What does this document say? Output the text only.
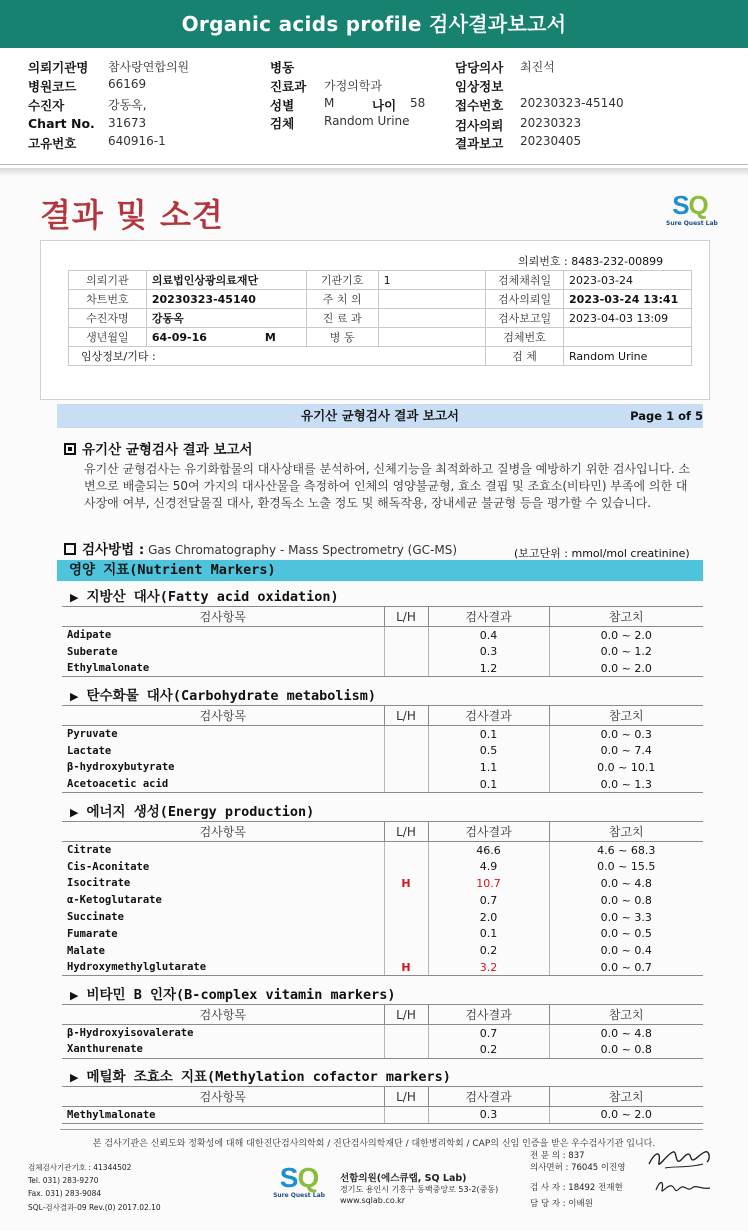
Organic acids profile 검사결과보고서
의뢰기관명 참사랑연합의원
병원코드	66169
수진자	강동옥,
Chart No. 31673
고유번호	640916-1
병동
진료과 가정의학과
성별 M	나이 58
검체 Random Urine
담당의사 최진석
임상정보
접수번호 20230323-45140
검사의뢰 20230323
결과보고 20230405
결과 및 소견	SQ
Sure Quest Lab
의뢰번호 : 8483-232-00899
의뢰기관	의료법인상광의료재단	기관기호	1	검체채취일	2023-03-24
차트번호	20230323-45140	주 치 의		검사의뢰일	2023-03-24 13:41
수진자명	강동옥	진 료 과		검사보고일	2023-04-03 13:09
생년월일	64-09-16 M	병 동		검체번호	
임상정보/기타 :				검 체	Random Urine
유기산 균형검사 결과 보고서	Page 1 of 5
유기산 균형검사 결과 보고서
유기산 균형검사는 유기화합물의 대사상태를 분석하여, 신체기능을 최적화하고 질병을 예방하기 위한 검사입니다. 소변으로 배출되는 50여 가지의 대사산물을 측정하여 인체의 영양불균형, 효소 결핍 및 조효소(비타민) 부족에 의한 대사장애 여부, 신경전달물질 대사, 환경독소 노출 정도 및 해독작용, 장내세균 불균형 등을 평가할 수 있습니다.
검사방법 : Gas Chromatography - Mass Spectrometry (GC-MS)	(보고단위 : mmol/mol creatinine)
영양 지표(Nutrient Markers)
▶ 지방산 대사(Fatty acid oxidation)
검사항목	L/H	검사결과	참고치
Adipate		0.4	0.0 ~ 2.0
Suberate		0.3	0.0 ~ 1.2
Ethylmalonate		1.2	0.0 ~ 2.0
▶ 탄수화물 대사(Carbohydrate metabolism)
검사항목	L/H	검사결과	참고치
Pyruvate		0.1	0.0 ~ 0.3
Lactate		0.5	0.0 ~ 7.4
β-hydroxybutyrate		1.1	0.0 ~ 10.1
Acetoacetic acid		0.1	0.0 ~ 1.3
▶ 에너지 생성(Energy production)
검사항목	L/H	검사결과	참고치
Citrate		46.6	4.6 ~ 68.3
Cis-Aconitate		4.9	0.0 ~ 15.5
Isocitrate	H	10.7	0.0 ~ 4.8
α-Ketoglutarate		0.7	0.0 ~ 0.8
Succinate		2.0	0.0 ~ 3.3
Fumarate		0.1	0.0 ~ 0.5
Malate		0.2	0.0 ~ 0.4
Hydroxymethylglutarate	H	3.2	0.0 ~ 0.7
▶ 비타민 B 인자(B-complex vitamin markers)
검사항목	L/H	검사결과	참고치
β-Hydroxyisovalerate		0.7	0.0 ~ 4.8
Xanthurenate		0.2	0.0 ~ 0.8
▶ 메틸화 조효소 지표(Methylation cofactor markers)
검사항목	L/H	검사결과	참고치
Methylmalonate		0.3	0.0 ~ 2.0
본 검사기관은 신뢰도와 정확성에 대해 대한진단검사의학회 / 진단검사의학재단 / 대한병리학회 / CAP의 신임 인증을 받은 우수검사기관 입니다.
검체검사기관기호 : 41344502
Tel. 031) 283-9270
Fax. 031) 283-9084
SQL-검사결과-09 Rev.(0) 2017.02.10
SQ
Sure Quest Lab
선함의원(에스큐랩, SQ Lab)
경기도 용인시 기흥구 동백중앙로 53-2(중동)
www.sqlab.co.kr
전 문 의 : 837
의사면허 : 76045 이진영
검 사 자 : 18492 전재현
담 당 자 : 이배원
